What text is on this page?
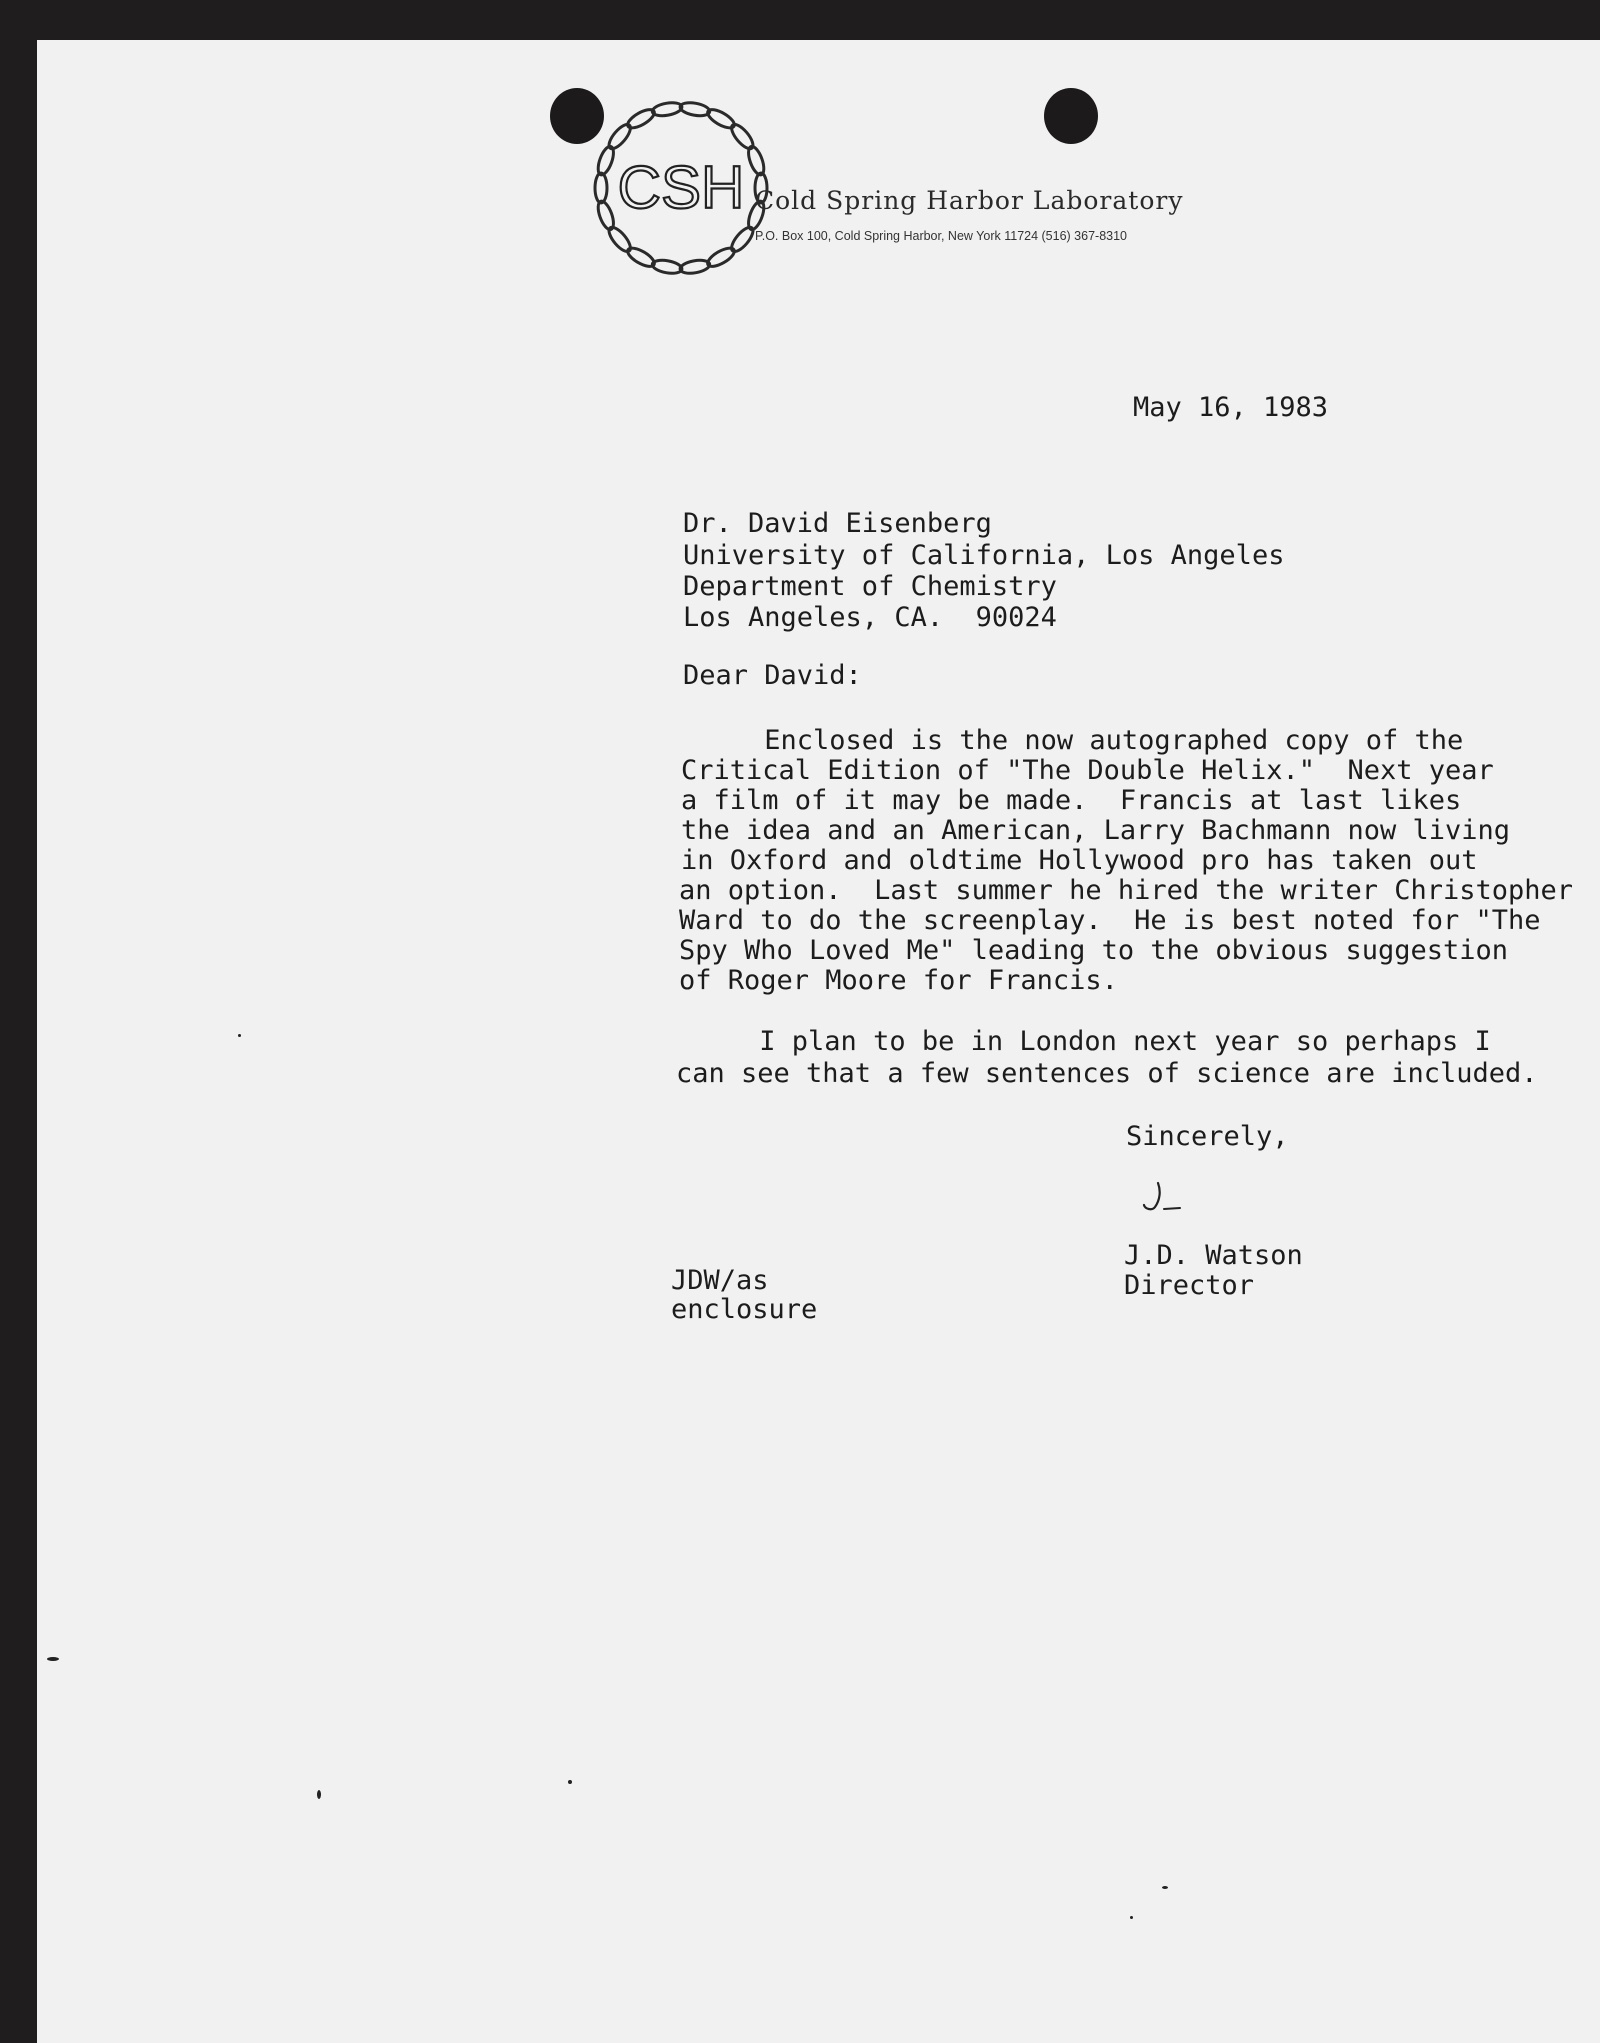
CSH Cold Spring Harbor Laboratory
P.O. Box 100, Cold Spring Harbor, New York 11724 (516) 367-8310
May 16, 1983
Dr. David Eisenberg
University of California, Los Angeles
Department of Chemistry
Los Angeles, CA.  90024
Dear David:
Enclosed is the now autographed copy of the
Critical Edition of "The Double Helix."  Next year
a film of it may be made.  Francis at last likes
the idea and an American, Larry Bachmann now living
in Oxford and oldtime Hollywood pro has taken out
an option.  Last summer he hired the writer Christopher
Ward to do the screenplay.  He is best noted for "The
Spy Who Loved Me" leading to the obvious suggestion
of Roger Moore for Francis.
I plan to be in London next year so perhaps I
can see that a few sentences of science are included.
Sincerely,
J.D. Watson
Director
JDW/as
enclosure
